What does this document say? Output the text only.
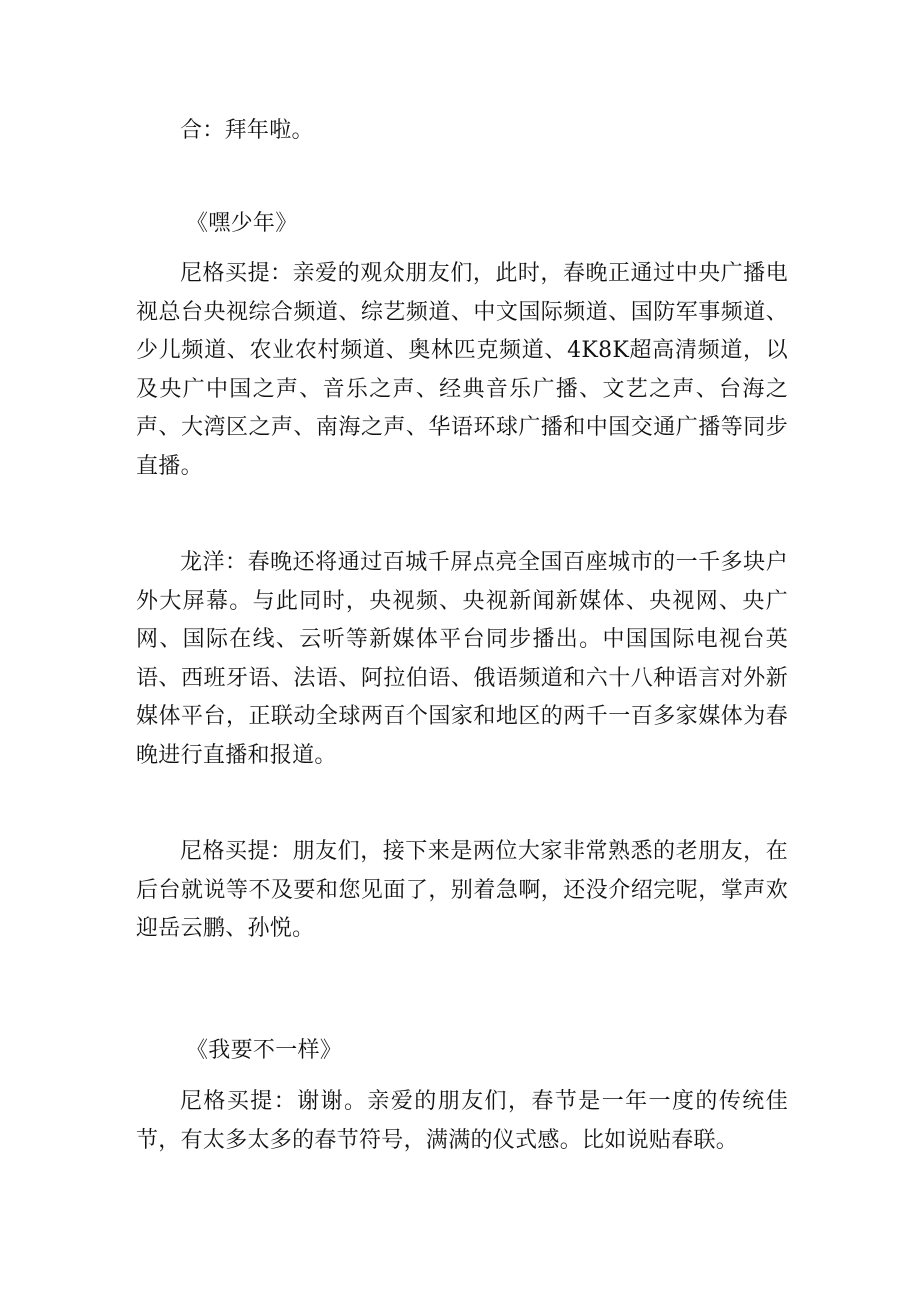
合：拜年啦。

《嘿少年》

尼格买提：亲爱的观众朋友们，此时，春晚正通过中央广播电视总台央视综合频道、综艺频道、中文国际频道、国防军事频道、少儿频道、农业农村频道、奥林匹克频道、4K8K超高清频道，以及央广中国之声、音乐之声、经典音乐广播、文艺之声、台海之声、大湾区之声、南海之声、华语环球广播和中国交通广播等同步直播。

龙洋：春晚还将通过百城千屏点亮全国百座城市的一千多块户外大屏幕。与此同时，央视频、央视新闻新媒体、央视网、央广网、国际在线、云听等新媒体平台同步播出。中国国际电视台英语、西班牙语、法语、阿拉伯语、俄语频道和六十八种语言对外新媒体平台，正联动全球两百个国家和地区的两千一百多家媒体为春晚进行直播和报道。

尼格买提：朋友们，接下来是两位大家非常熟悉的老朋友，在后台就说等不及要和您见面了，别着急啊，还没介绍完呢，掌声欢迎岳云鹏、孙悦。

《我要不一样》

尼格买提：谢谢。亲爱的朋友们，春节是一年一度的传统佳节，有太多太多的春节符号，满满的仪式感。比如说贴春联。
